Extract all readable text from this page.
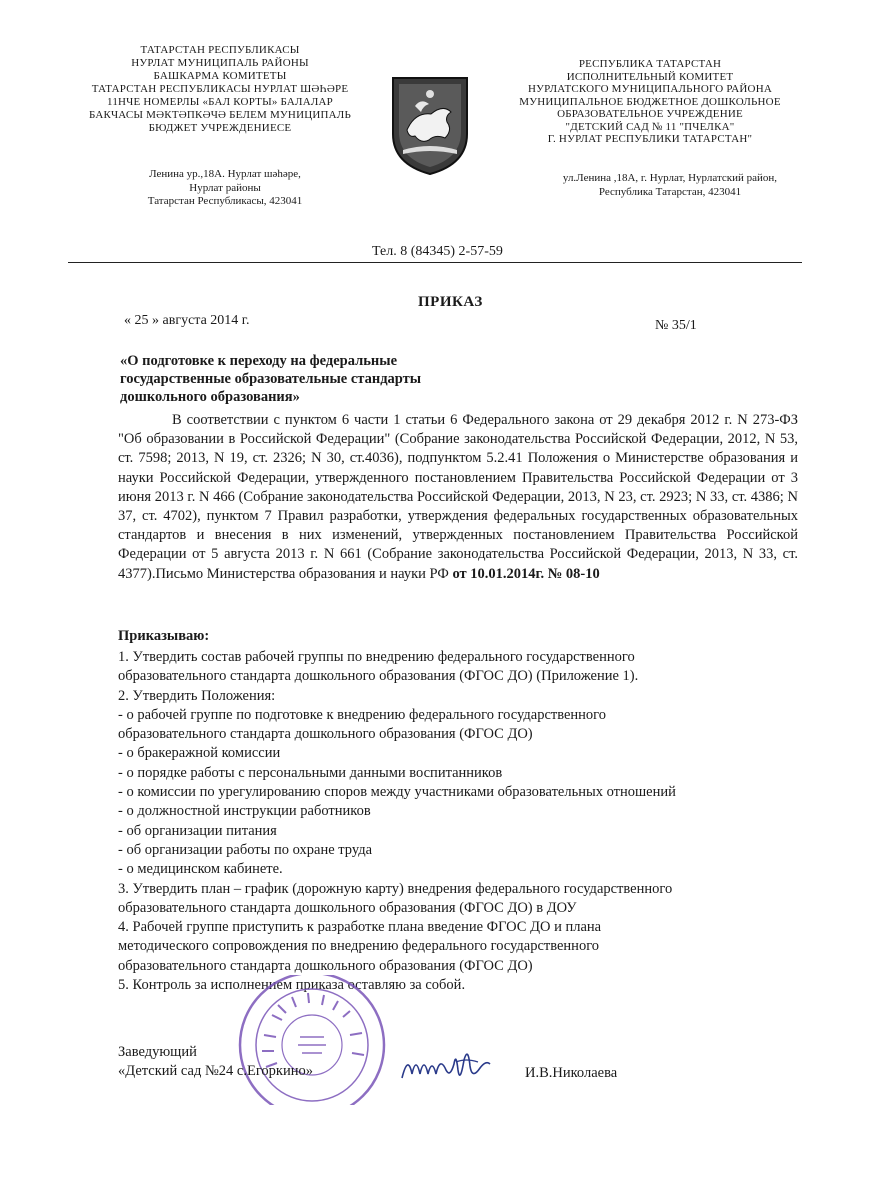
ТАТАРСТАН РЕСПУБЛИКАСЫ
НУРЛАТ МУНИЦИПАЛЬ РАЙОНЫ
БАШКАРМА КОМИТЕТЫ
ТАТАРСТАН РЕСПУБЛИКАСЫ НУРЛАТ ШӘҺӘРЕ
11НЧЕ НОМЕРЛЫ «БАЛ КОРТЫ» БАЛАЛАР
БАКЧАСЫ МӘКТӘПКӘЧӘ БЕЛЕМ МУНИЦИПАЛЬ
БЮДЖЕТ УЧРЕЖДЕНИЕСЕ
Ленина ур.,18А. Нурлат шәһәре,
Нурлат районы
Татарстан Республикасы, 423041
РЕСПУБЛИКА ТАТАРСТАН
ИСПОЛНИТЕЛЬНЫЙ КОМИТЕТ
НУРЛАТСКОГО МУНИЦИПАЛЬНОГО РАЙОНА
МУНИЦИПАЛЬНОЕ БЮДЖЕТНОЕ ДОШКОЛЬНОЕ
ОБРАЗОВАТЕЛЬНОЕ УЧРЕЖДЕНИЕ
"ДЕТСКИЙ САД № 11 "ПЧЕЛКА"
Г. НУРЛАТ РЕСПУБЛИКИ ТАТАРСТАН"
ул.Ленина ,18А, г. Нурлат, Нурлатский район,
Республика Татарстан, 423041
Тел. 8 (84345) 2-57-59
ПРИКАЗ
« 25 » августа 2014 г.	№ 35/1
«О подготовке к переходу на федеральные
государственные образовательные стандарты
дошкольного образования»
В соответствии с пунктом 6 части 1 статьи 6 Федерального закона от 29 декабря 2012 г. N 273-ФЗ "Об образовании в Российской Федерации" (Собрание законодательства Российской Федерации, 2012, N 53, ст. 7598; 2013, N 19, ст. 2326; N 30, ст.4036), подпунктом 5.2.41 Положения о Министерстве образования и науки Российской Федерации, утвержденного постановлением Правительства Российской Федерации от 3 июня 2013 г. N 466 (Собрание законодательства Российской Федерации, 2013, N 23, ст. 2923; N 33, ст. 4386; N 37, ст. 4702), пунктом 7 Правил разработки, утверждения федеральных государственных образовательных стандартов и внесения в них изменений, утвержденных постановлением Правительства Российской Федерации от 5 августа 2013 г. N 661 (Собрание законодательства Российской Федерации, 2013, N 33, ст. 4377).Письмо Министерства образования и науки РФ от 10.01.2014г. № 08-10
Приказываю:
1. Утвердить состав рабочей группы по внедрению федерального государственного
образовательного стандарта дошкольного образования (ФГОС ДО) (Приложение 1).
2. Утвердить Положения:
- о рабочей группе по подготовке к внедрению федерального государственного
образовательного стандарта дошкольного образования (ФГОС ДО)
- о бракеражной комиссии
- о порядке работы с персональными данными воспитанников
- о комиссии по урегулированию споров между участниками образовательных отношений
- о должностной инструкции работников
- об организации питания
- об организации работы по охране труда
- о медицинском кабинете.
3. Утвердить план – график (дорожную карту) внедрения федерального государственного
образовательного стандарта дошкольного образования (ФГОС ДО) в ДОУ
4. Рабочей группе приступить к разработке плана введение ФГОС ДО и плана
методического сопровождения по внедрению федерального государственного
образовательного стандарта дошкольного образования (ФГОС ДО)
5. Контроль за исполнением приказа оставляю за собой.
Заведующий
«Детский сад №24 с.Егоркино»	И.В.Николаева
